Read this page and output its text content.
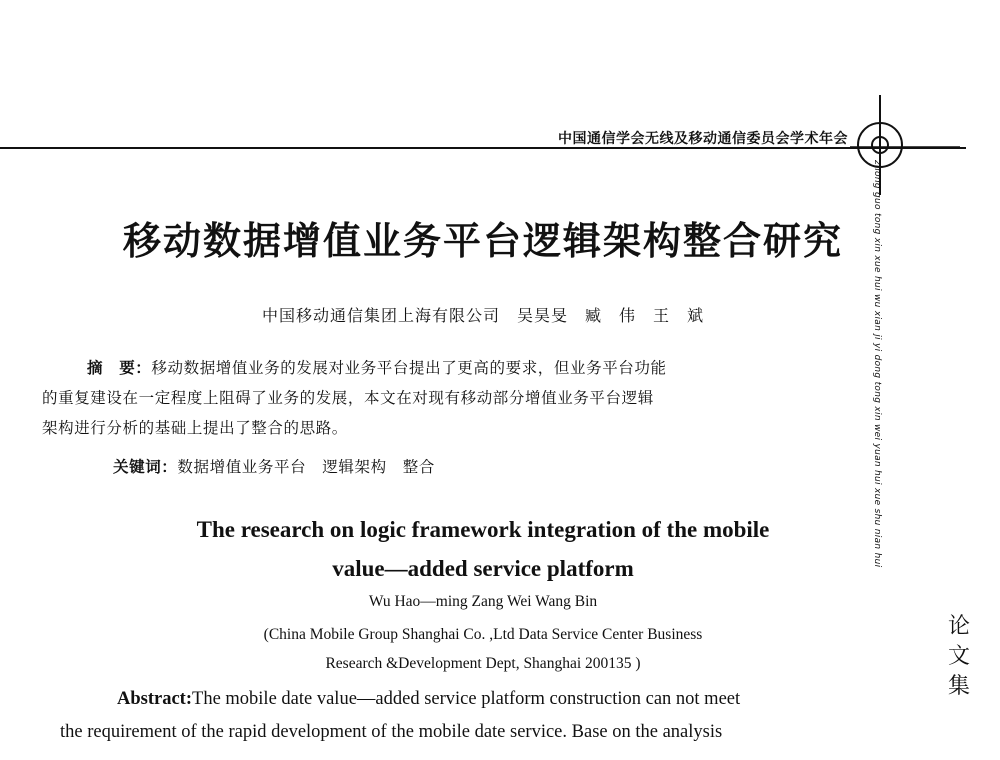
中国通信学会无线及移动通信委员会学术年会
zhong guo tong xin xue hui wu xian ji yi dong tong xin wei yuan hui xue shu nian hui
论
文
集
移动数据增值业务平台逻辑架构整合研究
中国移动通信集团上海有限公司　吴昊旻　臧　伟　王　斌
摘　要：移动数据增值业务的发展对业务平台提出了更高的要求，但业务平台功能
的重复建设在一定程度上阻碍了业务的发展，本文在对现有移动部分增值业务平台逻辑
架构进行分析的基础上提出了整合的思路。
关键词：数据增值业务平台　逻辑架构　整合
The research on logic framework integration of the mobile
value—added service platform
Wu Hao—ming Zang Wei Wang Bin
(China Mobile Group Shanghai Co. ,Ltd Data Service Center Business
Research &Development Dept, Shanghai 200135 )
Abstract:The mobile date value—added service platform construction can not meet
the requirement of the rapid development of the mobile date service. Base on the analysis
